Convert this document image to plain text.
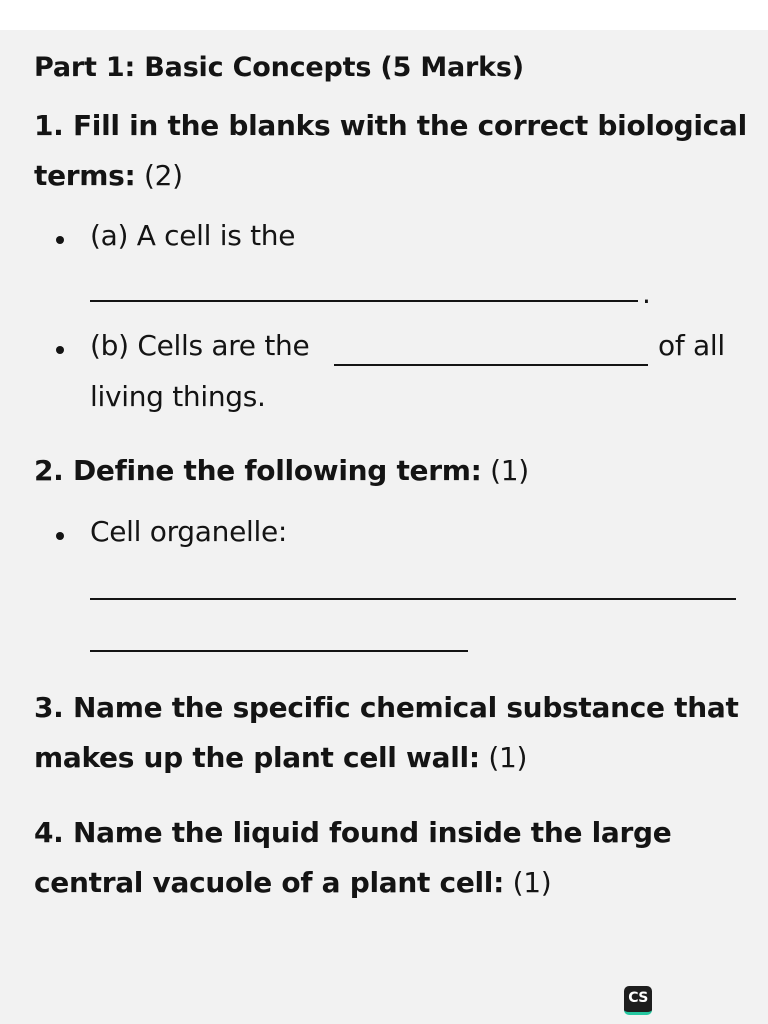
Part 1: Basic Concepts (5 Marks)
1. Fill in the blanks with the correct biological
terms: (2)
(a) A cell is the
.
(b) Cells are the	of all
living things.
2. Define the following term: (1)
Cell organelle:
3. Name the specific chemical substance that
makes up the plant cell wall: (1)
4. Name the liquid found inside the large
central vacuole of a plant cell: (1)
CS
